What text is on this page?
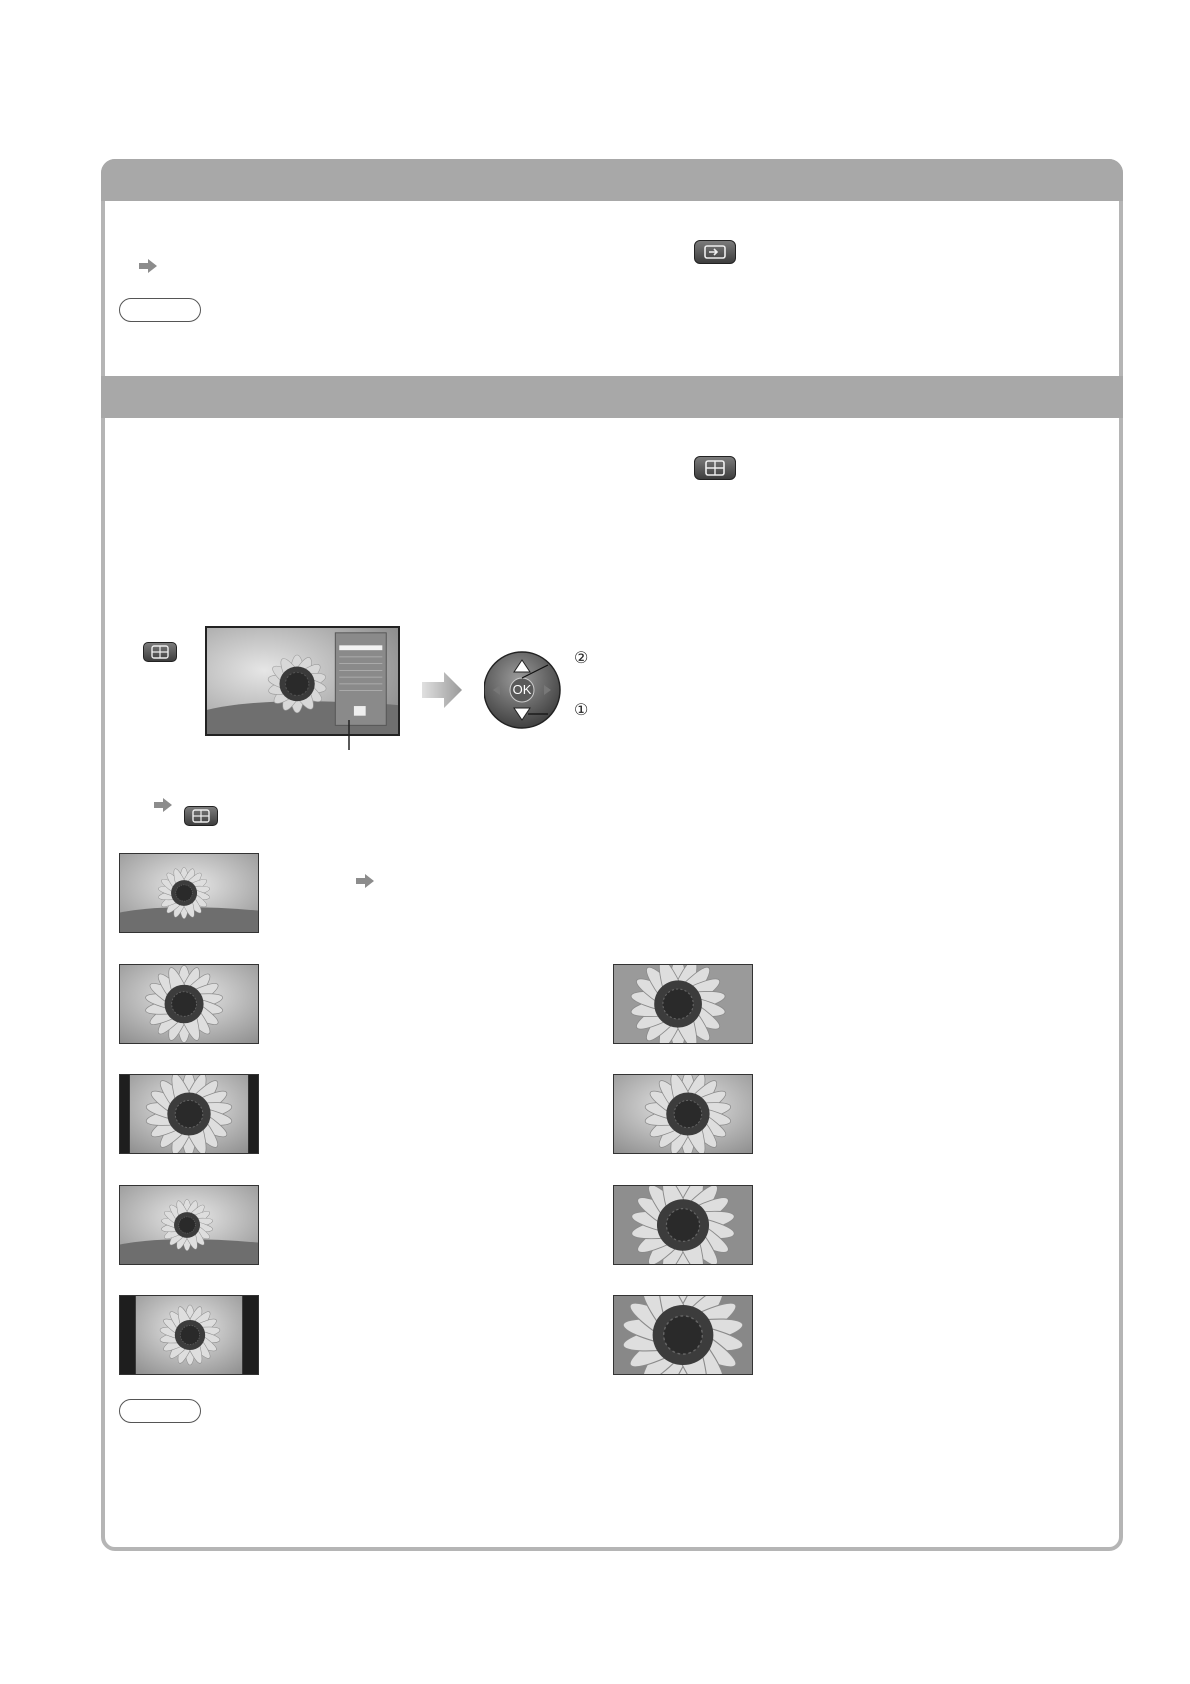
OK
②
①
